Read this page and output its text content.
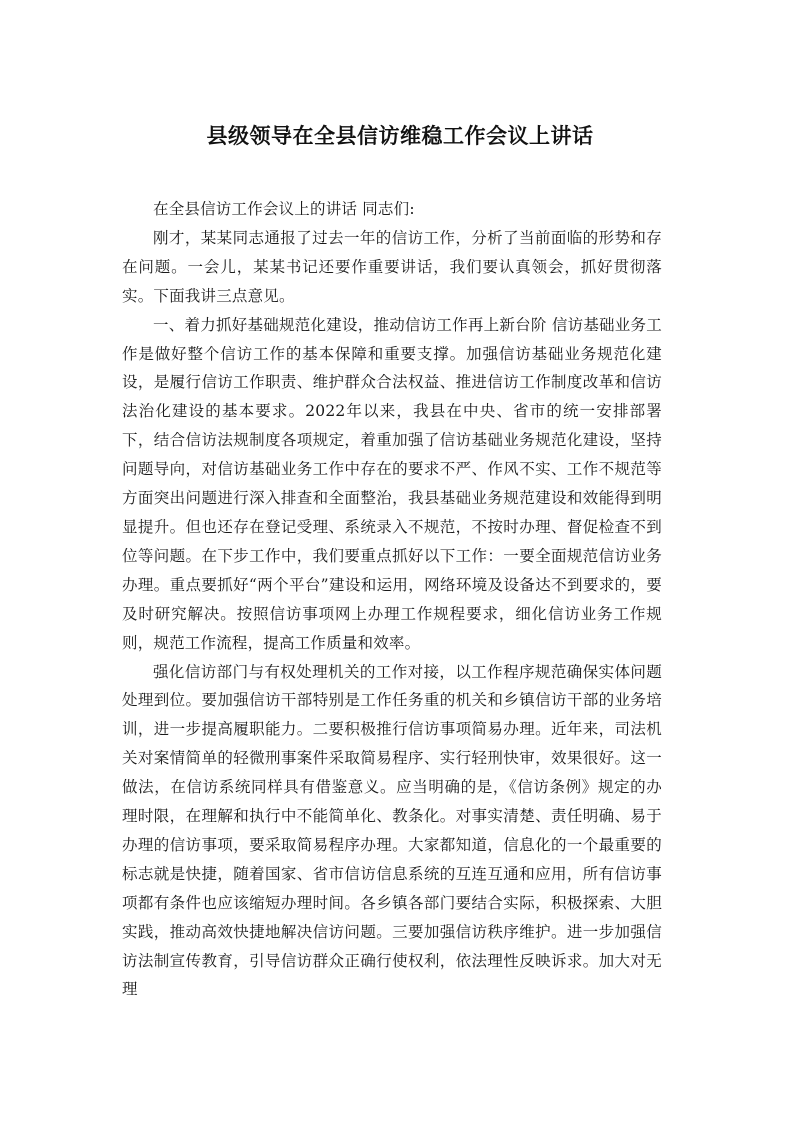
县级领导在全县信访维稳工作会议上讲话

在全县信访工作会议上的讲话 同志们:

刚才，某某同志通报了过去一年的信访工作，分析了当前面临的形势和存在问题。一会儿，某某书记还要作重要讲话，我们要认真领会，抓好贯彻落实。下面我讲三点意见。

一、着力抓好基础规范化建设，推动信访工作再上新台阶 信访基础业务工作是做好整个信访工作的基本保障和重要支撑。加强信访基础业务规范化建设，是履行信访工作职责、维护群众合法权益、推进信访工作制度改革和信访法治化建设的基本要求。2022年以来，我县在中央、省市的统一安排部署下，结合信访法规制度各项规定，着重加强了信访基础业务规范化建设，坚持问题导向，对信访基础业务工作中存在的要求不严、作风不实、工作不规范等方面突出问题进行深入排查和全面整治，我县基础业务规范建设和效能得到明显提升。但也还存在登记受理、系统录入不规范，不按时办理、督促检查不到位等问题。在下步工作中，我们要重点抓好以下工作：一要全面规范信访业务办理。重点要抓好“两个平台”建设和运用，网络环境及设备达不到要求的，要及时研究解决。按照信访事项网上办理工作规程要求，细化信访业务工作规则，规范工作流程，提高工作质量和效率。

强化信访部门与有权处理机关的工作对接，以工作程序规范确保实体问题处理到位。要加强信访干部特别是工作任务重的机关和乡镇信访干部的业务培训，进一步提高履职能力。二要积极推行信访事项简易办理。近年来，司法机关对案情简单的轻微刑事案件采取简易程序、实行轻刑快审，效果很好。这一做法，在信访系统同样具有借鉴意义。应当明确的是，《信访条例》规定的办理时限，在理解和执行中不能简单化、教条化。对事实清楚、责任明确、易于办理的信访事项，要采取简易程序办理。大家都知道，信息化的一个最重要的标志就是快捷，随着国家、省市信访信息系统的互连互通和应用，所有信访事项都有条件也应该缩短办理时间。各乡镇各部门要结合实际，积极探索、大胆实践，推动高效快捷地解决信访问题。三要加强信访秩序维护。进一步加强信访法制宣传教育，引导信访群众正确行使权利，依法理性反映诉求。加大对无理
